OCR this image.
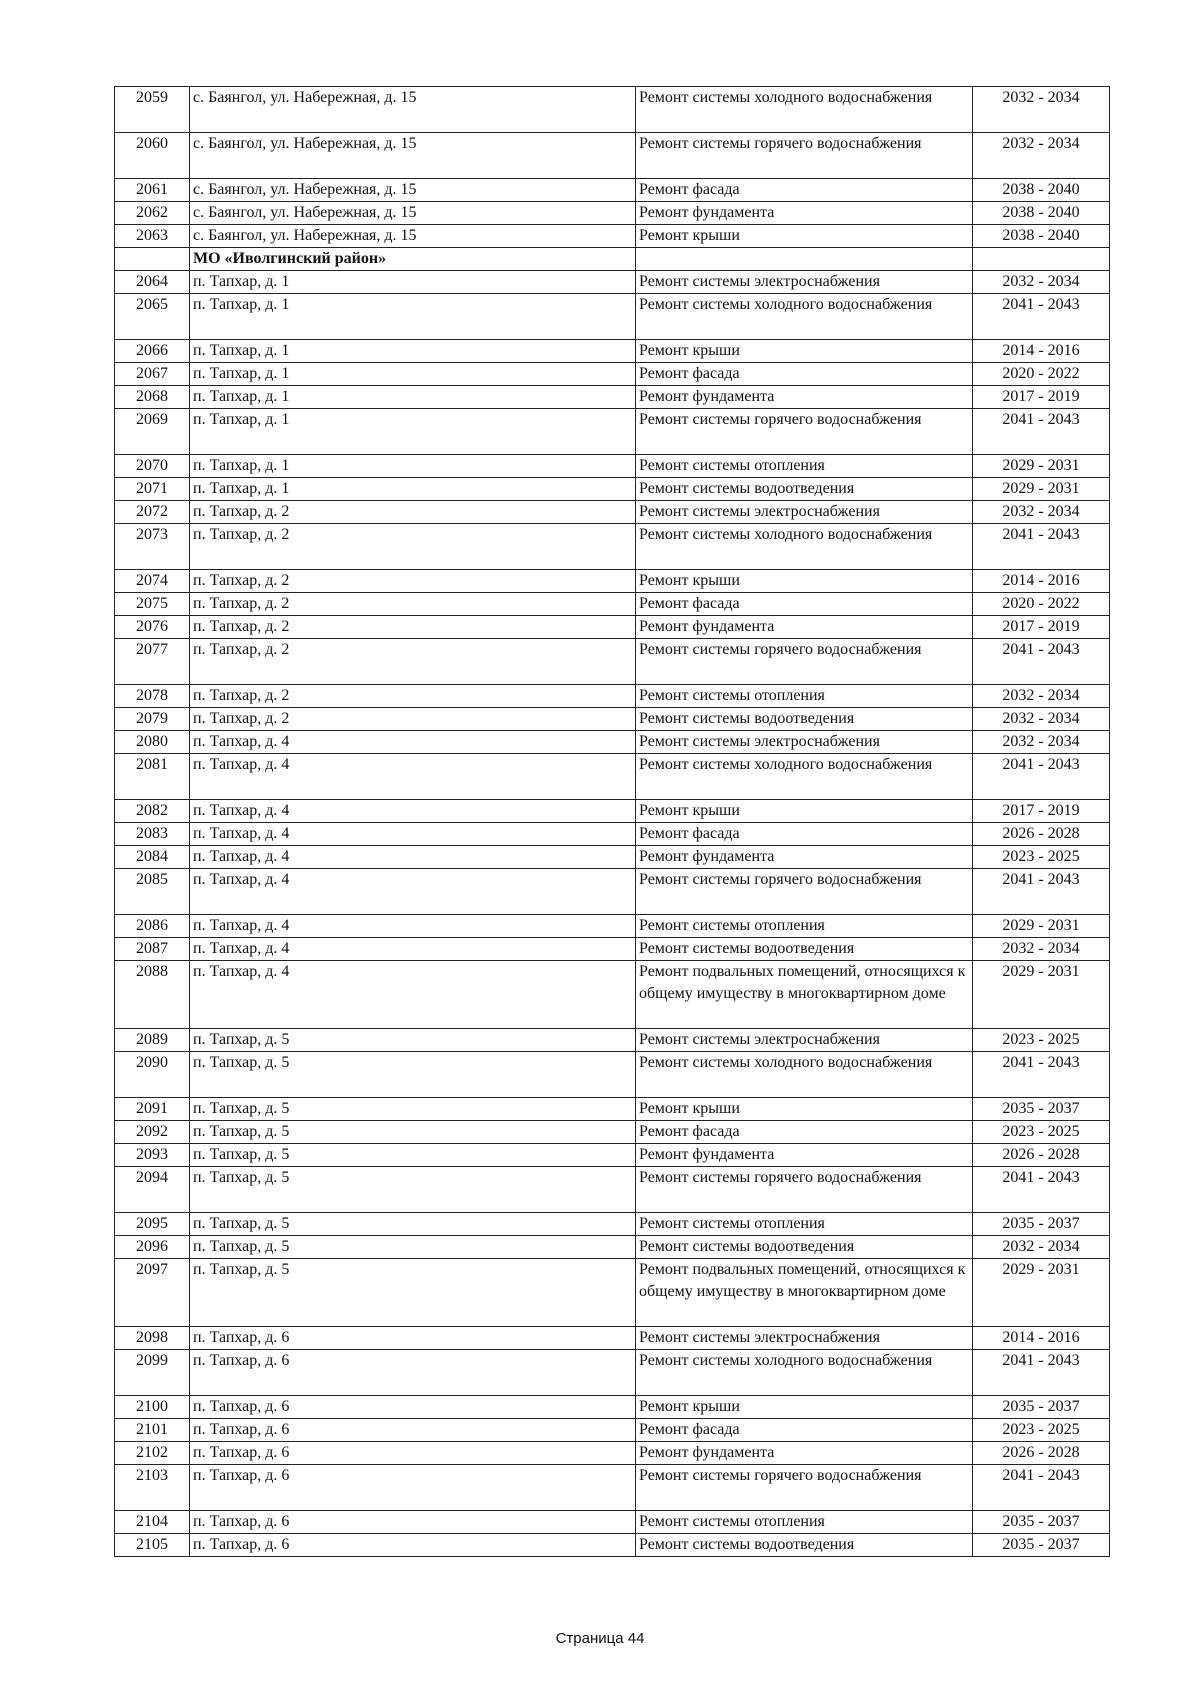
2059	с. Баянгол, ул. Набережная, д. 15	Ремонт системы холодного водоснабжения	2032 - 2034
2060	с. Баянгол, ул. Набережная, д. 15	Ремонт системы горячего водоснабжения	2032 - 2034
2061	с. Баянгол, ул. Набережная, д. 15	Ремонт фасада	2038 - 2040
2062	с. Баянгол, ул. Набережная, д. 15	Ремонт фундамента	2038 - 2040
2063	с. Баянгол, ул. Набережная, д. 15	Ремонт крыши	2038 - 2040
	МО «Иволгинский район»		
2064	п. Тапхар, д. 1	Ремонт системы электроснабжения	2032 - 2034
2065	п. Тапхар, д. 1	Ремонт системы холодного водоснабжения	2041 - 2043
2066	п. Тапхар, д. 1	Ремонт крыши	2014 - 2016
2067	п. Тапхар, д. 1	Ремонт фасада	2020 - 2022
2068	п. Тапхар, д. 1	Ремонт фундамента	2017 - 2019
2069	п. Тапхар, д. 1	Ремонт системы горячего водоснабжения	2041 - 2043
2070	п. Тапхар, д. 1	Ремонт системы отопления	2029 - 2031
2071	п. Тапхар, д. 1	Ремонт системы водоотведения	2029 - 2031
2072	п. Тапхар, д. 2	Ремонт системы электроснабжения	2032 - 2034
2073	п. Тапхар, д. 2	Ремонт системы холодного водоснабжения	2041 - 2043
2074	п. Тапхар, д. 2	Ремонт крыши	2014 - 2016
2075	п. Тапхар, д. 2	Ремонт фасада	2020 - 2022
2076	п. Тапхар, д. 2	Ремонт фундамента	2017 - 2019
2077	п. Тапхар, д. 2	Ремонт системы горячего водоснабжения	2041 - 2043
2078	п. Тапхар, д. 2	Ремонт системы отопления	2032 - 2034
2079	п. Тапхар, д. 2	Ремонт системы водоотведения	2032 - 2034
2080	п. Тапхар, д. 4	Ремонт системы электроснабжения	2032 - 2034
2081	п. Тапхар, д. 4	Ремонт системы холодного водоснабжения	2041 - 2043
2082	п. Тапхар, д. 4	Ремонт крыши	2017 - 2019
2083	п. Тапхар, д. 4	Ремонт фасада	2026 - 2028
2084	п. Тапхар, д. 4	Ремонт фундамента	2023 - 2025
2085	п. Тапхар, д. 4	Ремонт системы горячего водоснабжения	2041 - 2043
2086	п. Тапхар, д. 4	Ремонт системы отопления	2029 - 2031
2087	п. Тапхар, д. 4	Ремонт системы водоотведения	2032 - 2034
2088	п. Тапхар, д. 4	Ремонт подвальных помещений, относящихся к общему имуществу в многоквартирном доме	2029 - 2031
2089	п. Тапхар, д. 5	Ремонт системы электроснабжения	2023 - 2025
2090	п. Тапхар, д. 5	Ремонт системы холодного водоснабжения	2041 - 2043
2091	п. Тапхар, д. 5	Ремонт крыши	2035 - 2037
2092	п. Тапхар, д. 5	Ремонт фасада	2023 - 2025
2093	п. Тапхар, д. 5	Ремонт фундамента	2026 - 2028
2094	п. Тапхар, д. 5	Ремонт системы горячего водоснабжения	2041 - 2043
2095	п. Тапхар, д. 5	Ремонт системы отопления	2035 - 2037
2096	п. Тапхар, д. 5	Ремонт системы водоотведения	2032 - 2034
2097	п. Тапхар, д. 5	Ремонт подвальных помещений, относящихся к общему имуществу в многоквартирном доме	2029 - 2031
2098	п. Тапхар, д. 6	Ремонт системы электроснабжения	2014 - 2016
2099	п. Тапхар, д. 6	Ремонт системы холодного водоснабжения	2041 - 2043
2100	п. Тапхар, д. 6	Ремонт крыши	2035 - 2037
2101	п. Тапхар, д. 6	Ремонт фасада	2023 - 2025
2102	п. Тапхар, д. 6	Ремонт фундамента	2026 - 2028
2103	п. Тапхар, д. 6	Ремонт системы горячего водоснабжения	2041 - 2043
2104	п. Тапхар, д. 6	Ремонт системы отопления	2035 - 2037
2105	п. Тапхар, д. 6	Ремонт системы водоотведения	2035 - 2037
Страница 44
